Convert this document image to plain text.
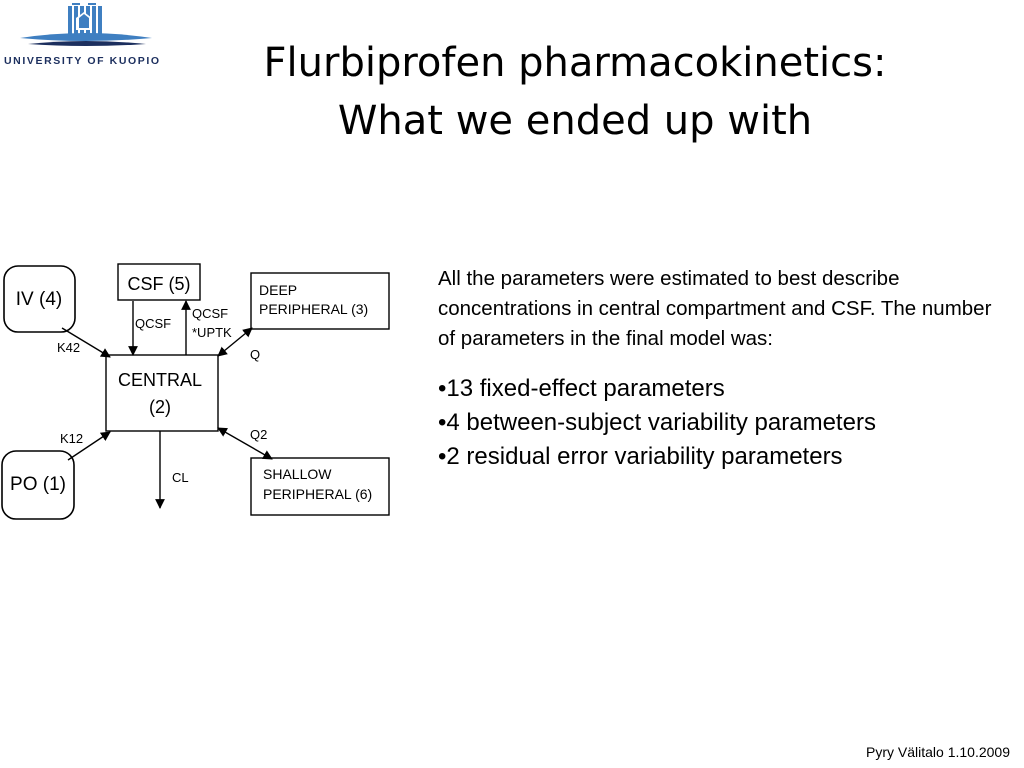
UNIVERSITY OF KUOPIO	Flurbiprofen pharmacokinetics:
What we ended up with
IV (4)
PO (1)
CSF (5)
CENTRAL
(2)
DEEP
PERIPHERAL (3)
SHALLOW
PERIPHERAL (6)
K42
K12
QCSF
QCSF
*UPTK
Q
Q2
CL

All the parameters were estimated to best describe concentrations in central compartment and CSF. The number of parameters in the final model was:

•13 fixed-effect parameters
•4 between-subject variability parameters
•2 residual error variability parameters
Pyry Välitalo 1.10.2009
